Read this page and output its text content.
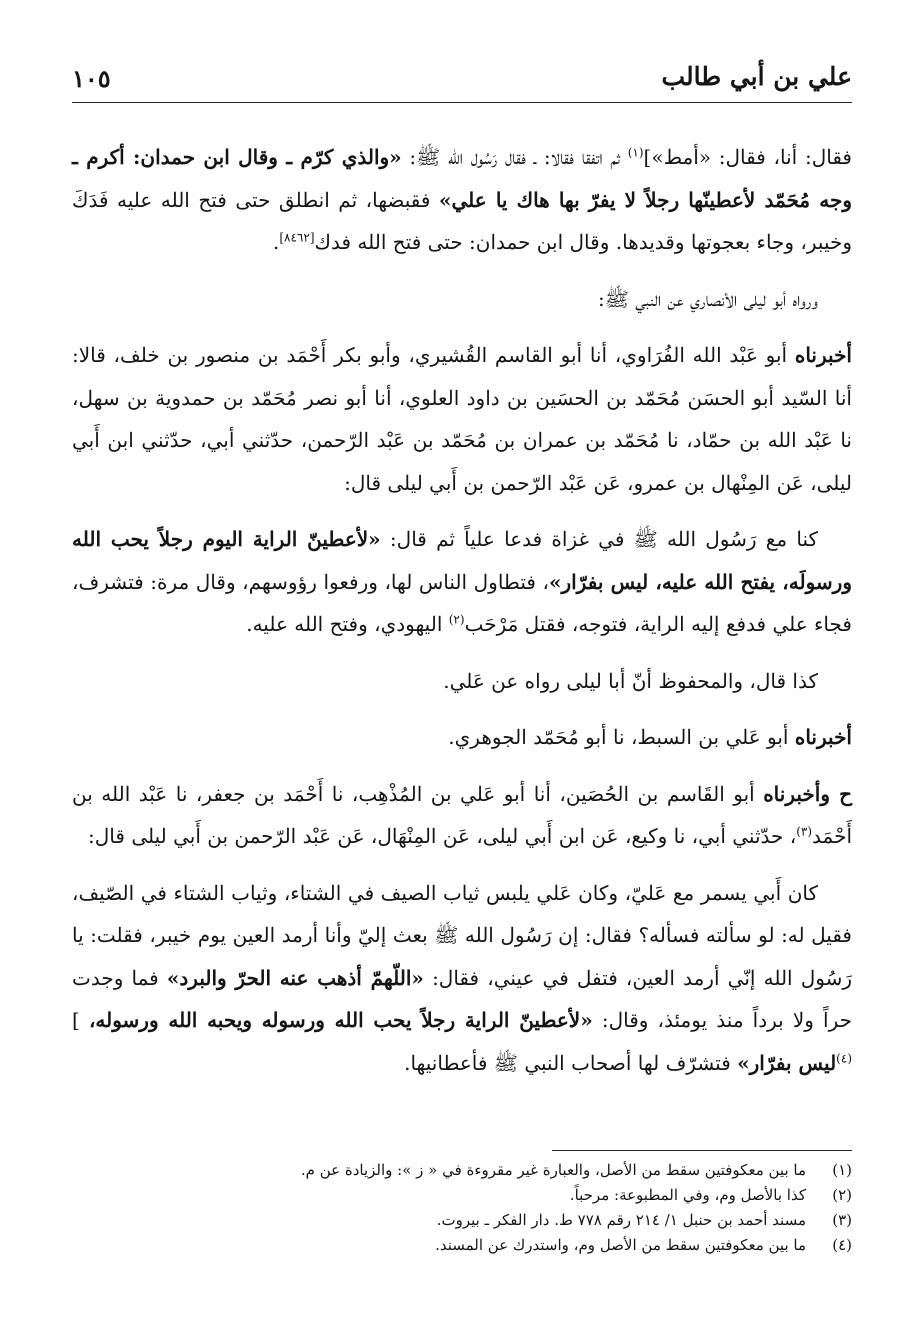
علي بن أبي طالب
١٠٥

فقال: أنا، فقال: «أمط»]$^{(١)}$ ثم اتفقا فقالا: ـ فقال رَسُول الله ﷺ: «والذي كرّم ـ وقال ابن حمدان: أكرم ـ وجه مُحَمّد لأعطينّها رجلاً لا يفرّ بها هاك يا علي» فقبضها، ثم انطلق حتى فتح الله عليه فَدَكَ وخيبر، وجاء بعجوتها وقديدها. وقال ابن حمدان: حتى فتح الله فدك[٨٤٦٢].

ورواه أبو ليلى الأنصاري عن النبي ﷺ:

أخبرناه أبو عَبْد الله الفُرَاوي، أنا أبو القاسم القُشيري، وأبو بكر أَحْمَد بن منصور بن خلف، قالا: أنا السّيد أبو الحسَن مُحَمّد بن الحسَين بن داود العلوي، أنا أبو نصر مُحَمّد بن حمدوية بن سهل، نا عَبْد الله بن حمّاد، نا مُحَمّد بن عمران بن مُحَمّد بن عَبْد الرّحمن، حدّثني أبي، حدّثني ابن أَبي ليلى، عَن المِنْهال بن عمرو، عَن عَبْد الرّحمن بن أَبي ليلى قال:

كنا مع رَسُول الله ﷺ في غزاة فدعا علياً ثم قال: «لأعطينّ الراية اليوم رجلاً يحب الله ورسولَه، يفتح الله عليه، ليس بفرّار»، فتطاول الناس لها، ورفعوا رؤوسهم، وقال مرة: فتشرف، فجاء علي فدفع إليه الراية، فتوجه، فقتل مَرْحَب$^{(٢)}$ اليهودي، وفتح الله عليه.

كذا قال، والمحفوظ أنّ أبا ليلى رواه عن عَلي.

أخبرناه أبو عَلي بن السبط، نا أبو مُحَمّد الجوهري.

ح وأخبرناه أبو القَاسم بن الحُصَين، أنا أبو عَلي بن المُذْهِب، نا أَحْمَد بن جعفر، نا عَبْد الله بن أَحْمَد$^{(٣)}$، حدّثني أبي، نا وكيع، عَن ابن أَبي ليلى، عَن المِنْهَال، عَن عَبْد الرّحمن بن أَبي ليلى قال:

كان أَبي يسمر مع عَليّ، وكان عَلي يلبس ثياب الصيف في الشتاء، وثياب الشتاء في الصّيف، فقيل له: لو سألته فسأله؟ فقال: إن رَسُول الله ﷺ بعث إليّ وأنا أرمد العين يوم خيبر، فقلت: يا رَسُول الله إنّي أرمد العين، فتفل في عيني، فقال: «اللّهمّ أذهب عنه الحرّ والبرد» فما وجدت حراً ولا برداً منذ يومئذ، وقال: «لأعطينّ الراية رجلاً يحب الله ورسوله ويحبه الله ورسوله، ]$^{(٤)}$ليس بفرّار» فتشرّف لها أصحاب النبي ﷺ فأعطانيها.

(١)
ما بين معكوفتين سقط من الأصل، والعبارة غير مقروءة في « ز »: والزيادة عن م.

(٢)
كذا بالأصل وم، وفي المطبوعة: مرحباً.

(٣)
مسند أحمد بن حنبل ١/ ٢١٤ رقم ٧٧٨ ط. دار الفكر ـ بيروت.

(٤)
ما بين معكوفتين سقط من الأصل وم، واستدرك عن المسند.
